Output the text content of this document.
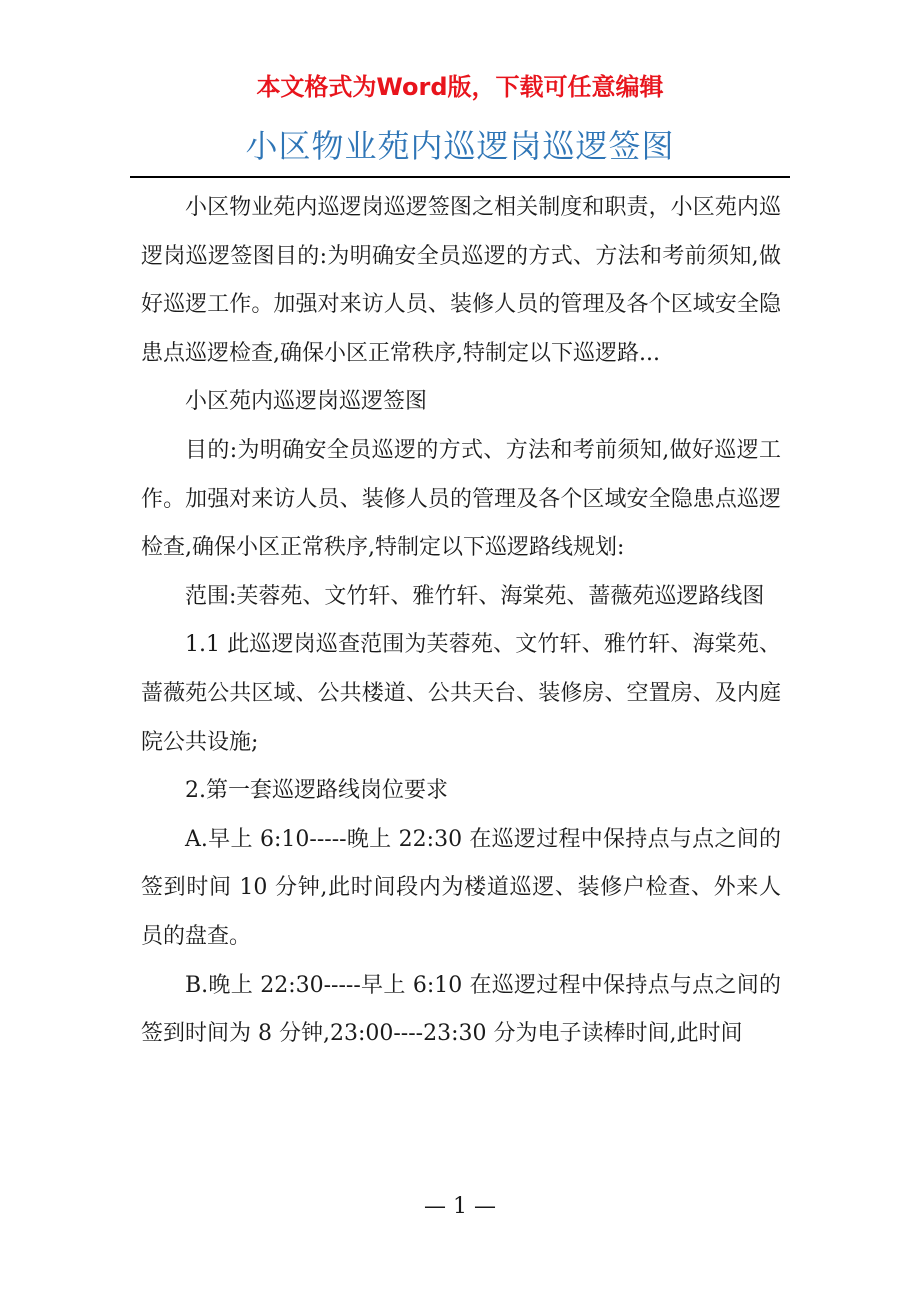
本文格式为Word版，下载可任意编辑
小区物业苑内巡逻岗巡逻签图

小区物业苑内巡逻岗巡逻签图之相关制度和职责，小区苑内巡逻岗巡逻签图目的:为明确安全员巡逻的方式、方法和考前须知,做好巡逻工作。加强对来访人员、装修人员的管理及各个区域安全隐患点巡逻检查,确保小区正常秩序,特制定以下巡逻路...

小区苑内巡逻岗巡逻签图

目的:为明确安全员巡逻的方式、方法和考前须知,做好巡逻工作。加强对来访人员、装修人员的管理及各个区域安全隐患点巡逻检查,确保小区正常秩序,特制定以下巡逻路线规划:

范围:芙蓉苑、文竹轩、雅竹轩、海棠苑、蔷薇苑巡逻路线图

1.1 此巡逻岗巡查范围为芙蓉苑、文竹轩、雅竹轩、海棠苑、蔷薇苑公共区域、公共楼道、公共天台、装修房、空置房、及内庭院公共设施;

2.第一套巡逻路线岗位要求

A.早上 6:10-----晚上 22:30 在巡逻过程中保持点与点之间的签到时间 10 分钟,此时间段内为楼道巡逻、装修户检查、外来人员的盘查。

B.晚上 22:30-----早上 6:10 在巡逻过程中保持点与点之间的签到时间为 8 分钟,23:00----23:30 分为电子读棒时间,此时间

— 1 —
